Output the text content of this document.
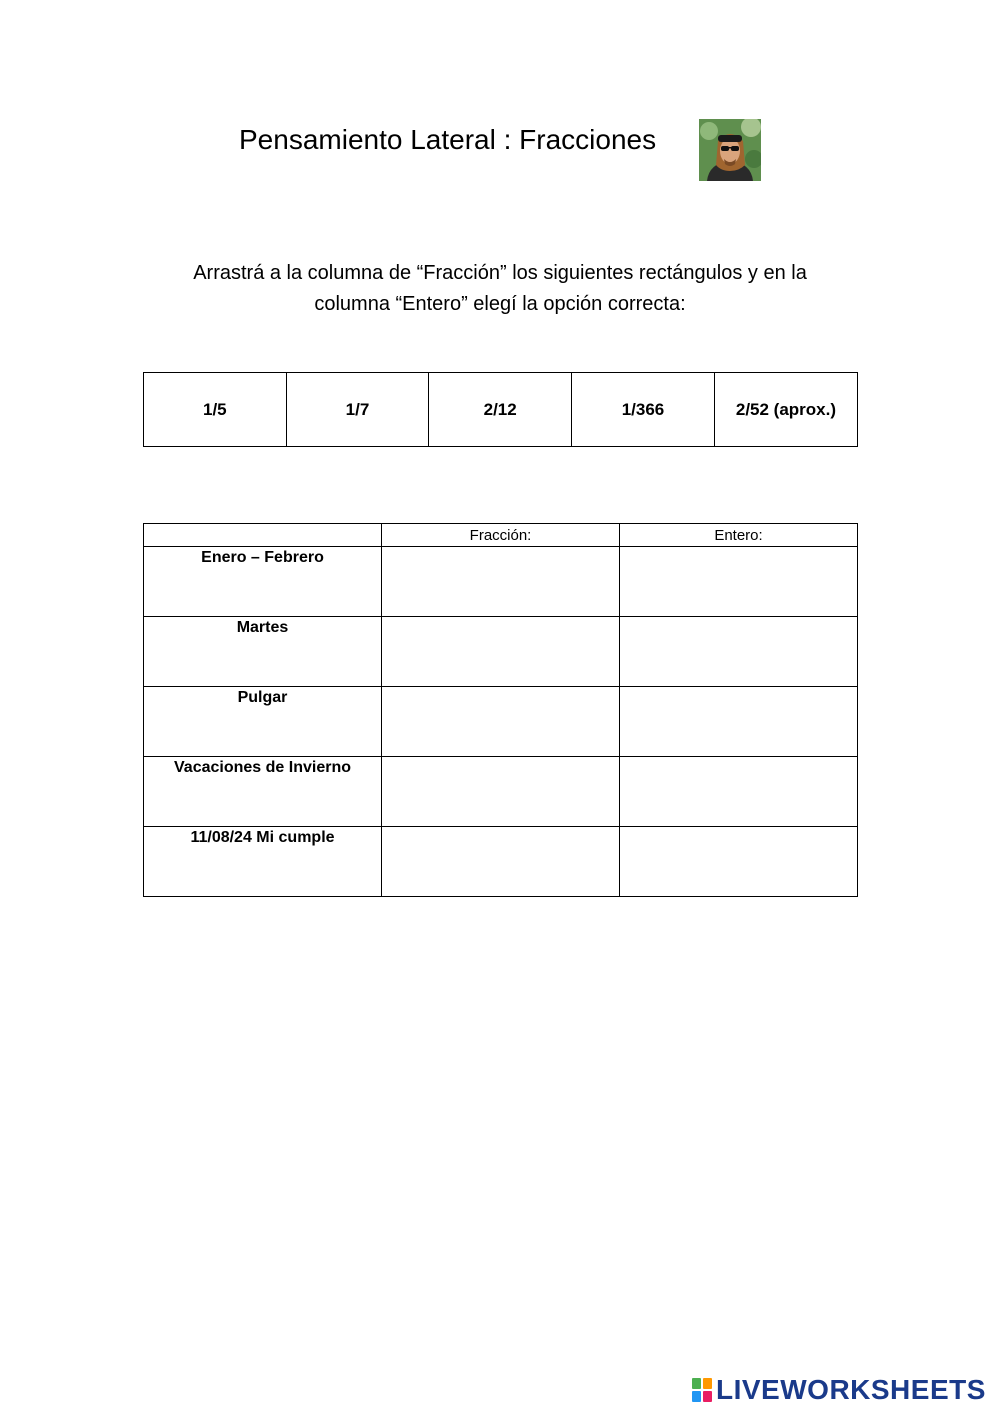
Pensamiento Lateral : Fracciones
Arrastrá a la columna de “Fracción” los siguientes rectángulos y en la
columna “Entero” elegí la opción correcta:
1/5	1/7	2/12	1/366	2/52 (aprox.)
	Fracción:	Entero:
Enero – Febrero		
Martes		
Pulgar		
Vacaciones de Invierno		
11/08/24 Mi cumple		
LIVEWORKSHEETS
